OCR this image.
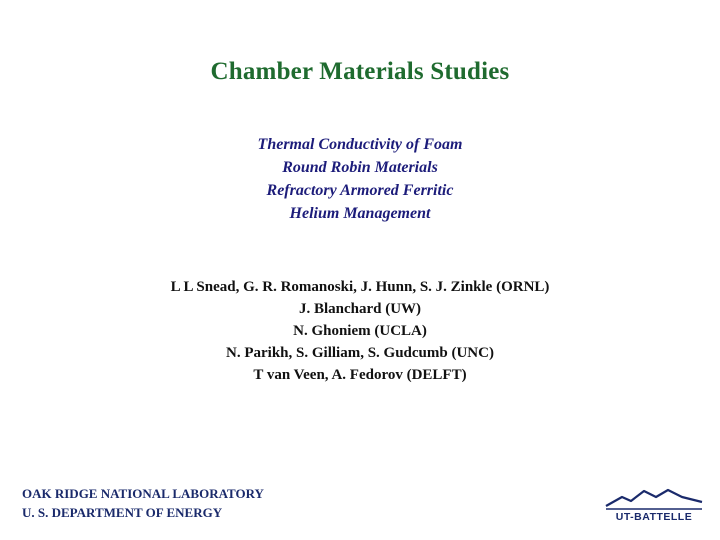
Chamber Materials Studies
Thermal Conductivity of Foam
Round Robin Materials
Refractory Armored Ferritic
Helium Management
L L Snead, G. R. Romanoski, J. Hunn, S. J. Zinkle (ORNL)
J. Blanchard (UW)
N. Ghoniem (UCLA)
N. Parikh, S. Gilliam, S. Gudcumb (UNC)
T van Veen, A. Fedorov (DELFT)
OAK RIDGE NATIONAL LABORATORY
U. S. DEPARTMENT OF ENERGY	UT-BATTELLE
